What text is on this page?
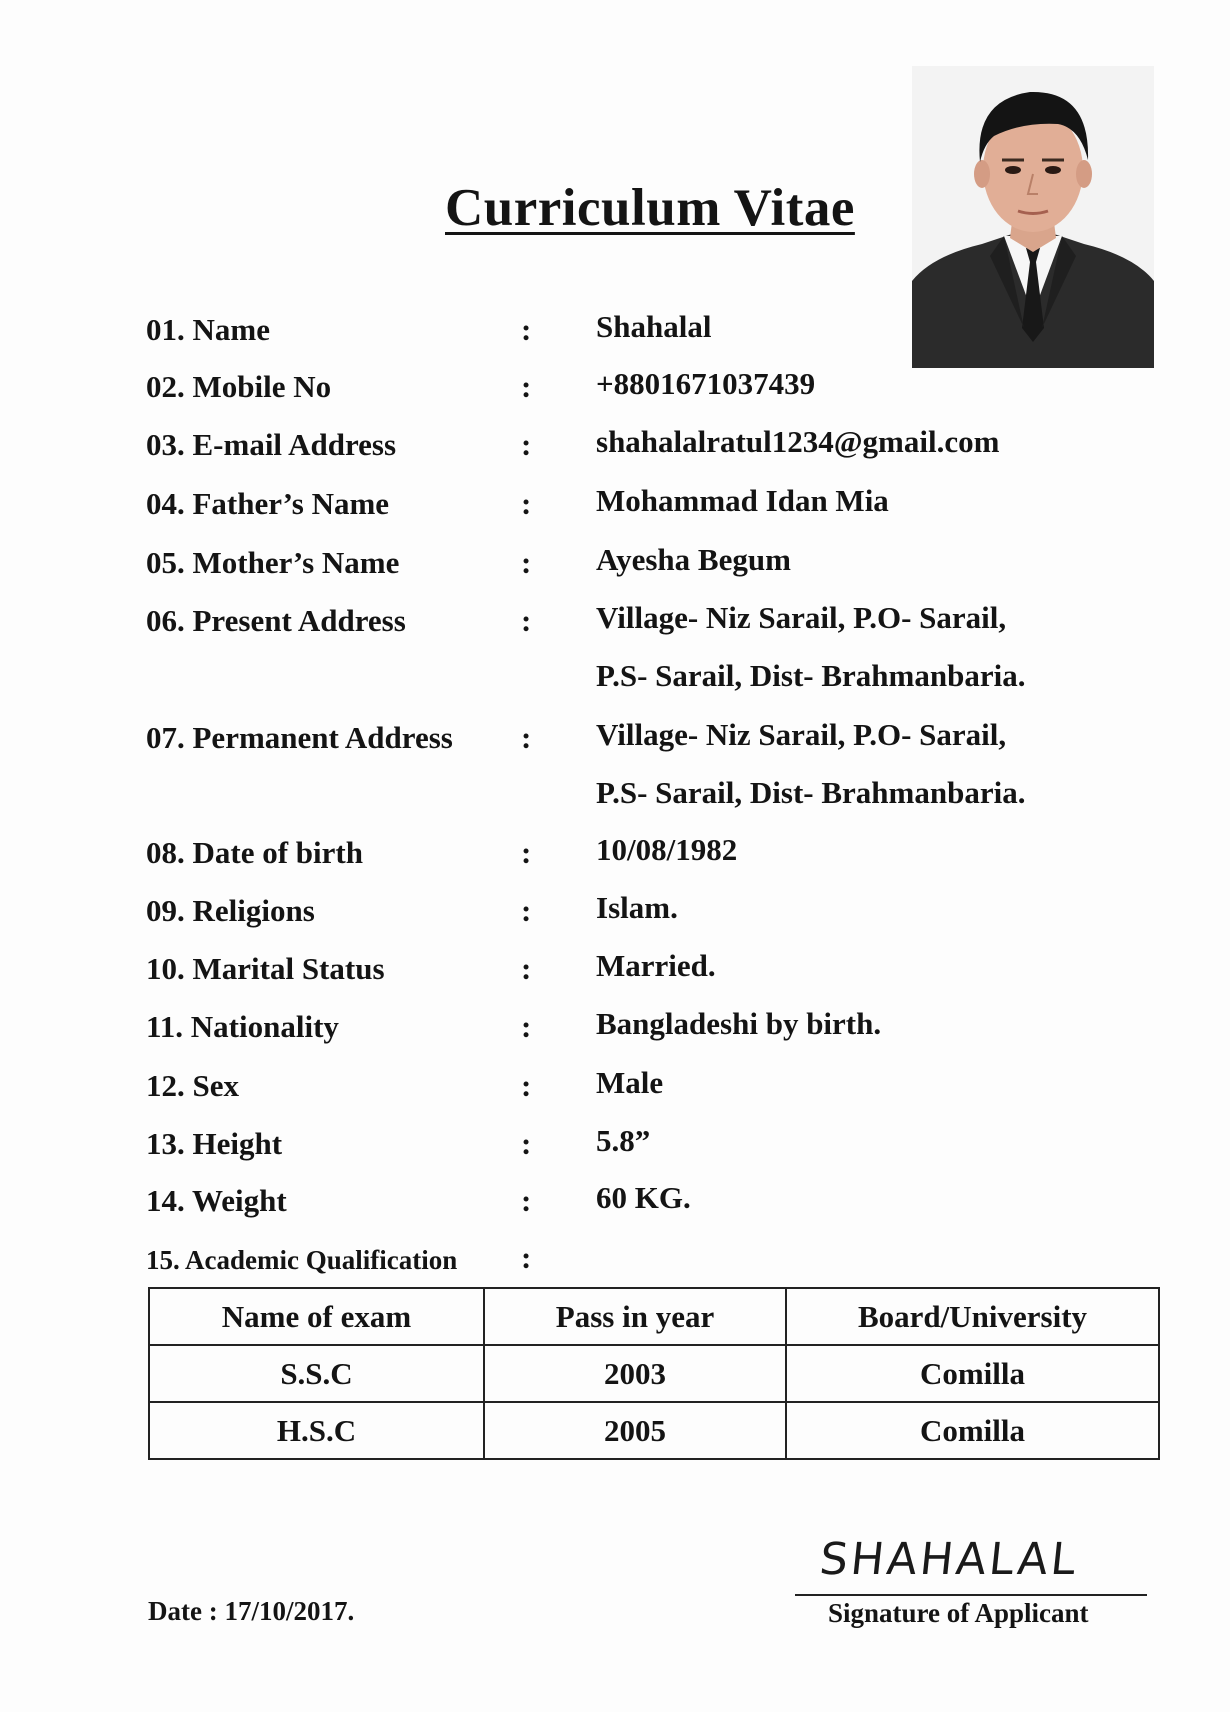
Curriculum Vitae
01. Name	: Shahalal
02. Mobile No	: +8801671037439
03. E-mail Address	: shahalalratul1234@gmail.com
04. Father’s Name	: Mohammad Idan Mia
05. Mother’s Name	: Ayesha Begum
06. Present Address	: Village- Niz Sarail, P.O- Sarail,
P.S- Sarail, Dist- Brahmanbaria.
07. Permanent Address : Village- Niz Sarail, P.O- Sarail,
P.S- Sarail, Dist- Brahmanbaria.
08. Date of birth	: 10/08/1982
09. Religions	: Islam.
10. Marital Status	: Married.
11. Nationality	: Bangladeshi by birth.
12. Sex	: Male
13. Height	: 5.8”
14. Weight	: 60 KG.
15. Academic Qualification :
Name of exam	Pass in year	Board/University
S.S.C	2003	Comilla
H.S.C	2005	Comilla
Date : 17/10/2017.
SHAHALAL
Signature of Applicant
